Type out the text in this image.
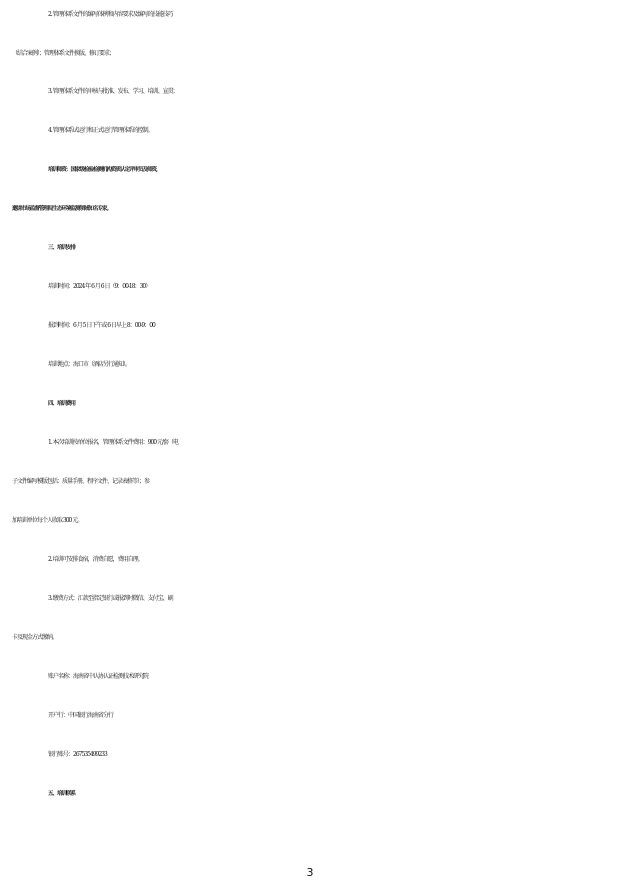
2. 管理体系文件的编写体例和内容要求及编写的技能技巧
（结合案例）；管理体系文件换版、修订要求；
3. 管理体系文件的审核与批准、发布、学习、培训、宣贯；
4. 管理体系试运行和正式运行管理体系的控制。
培训师资：国家级检验检测机构资质认定评审员及师资，
邀请市场监督管理局生态环境监测领域知名专家。
三、培训安排
培训时间：2024 年 6 月 6 日（9：00-18：30）
报到时间：6 月 5 日下午或 6 日早上 8：00-9：00
培训地点：海口市（酒店另行通知）。
四、培训费用
1. 本次培训按单位报名，管理体系文件费用：900 元/套（电
子文件编写模版包括：质量手册、程序文件、记录表格等）；参
加培训单位每个人收取 300 元。
2. 培训可安排食宿，消费自愿，费用自理。
3. 缴费方式：汇款至指定银行或报到时微信、支付宝、刷
卡及现金方式缴纳。
账户名称：海南省中认协认证检测技术研究院
开户行：中国银行海南省分行
银行账号：267535499233
五、培训联系
3
